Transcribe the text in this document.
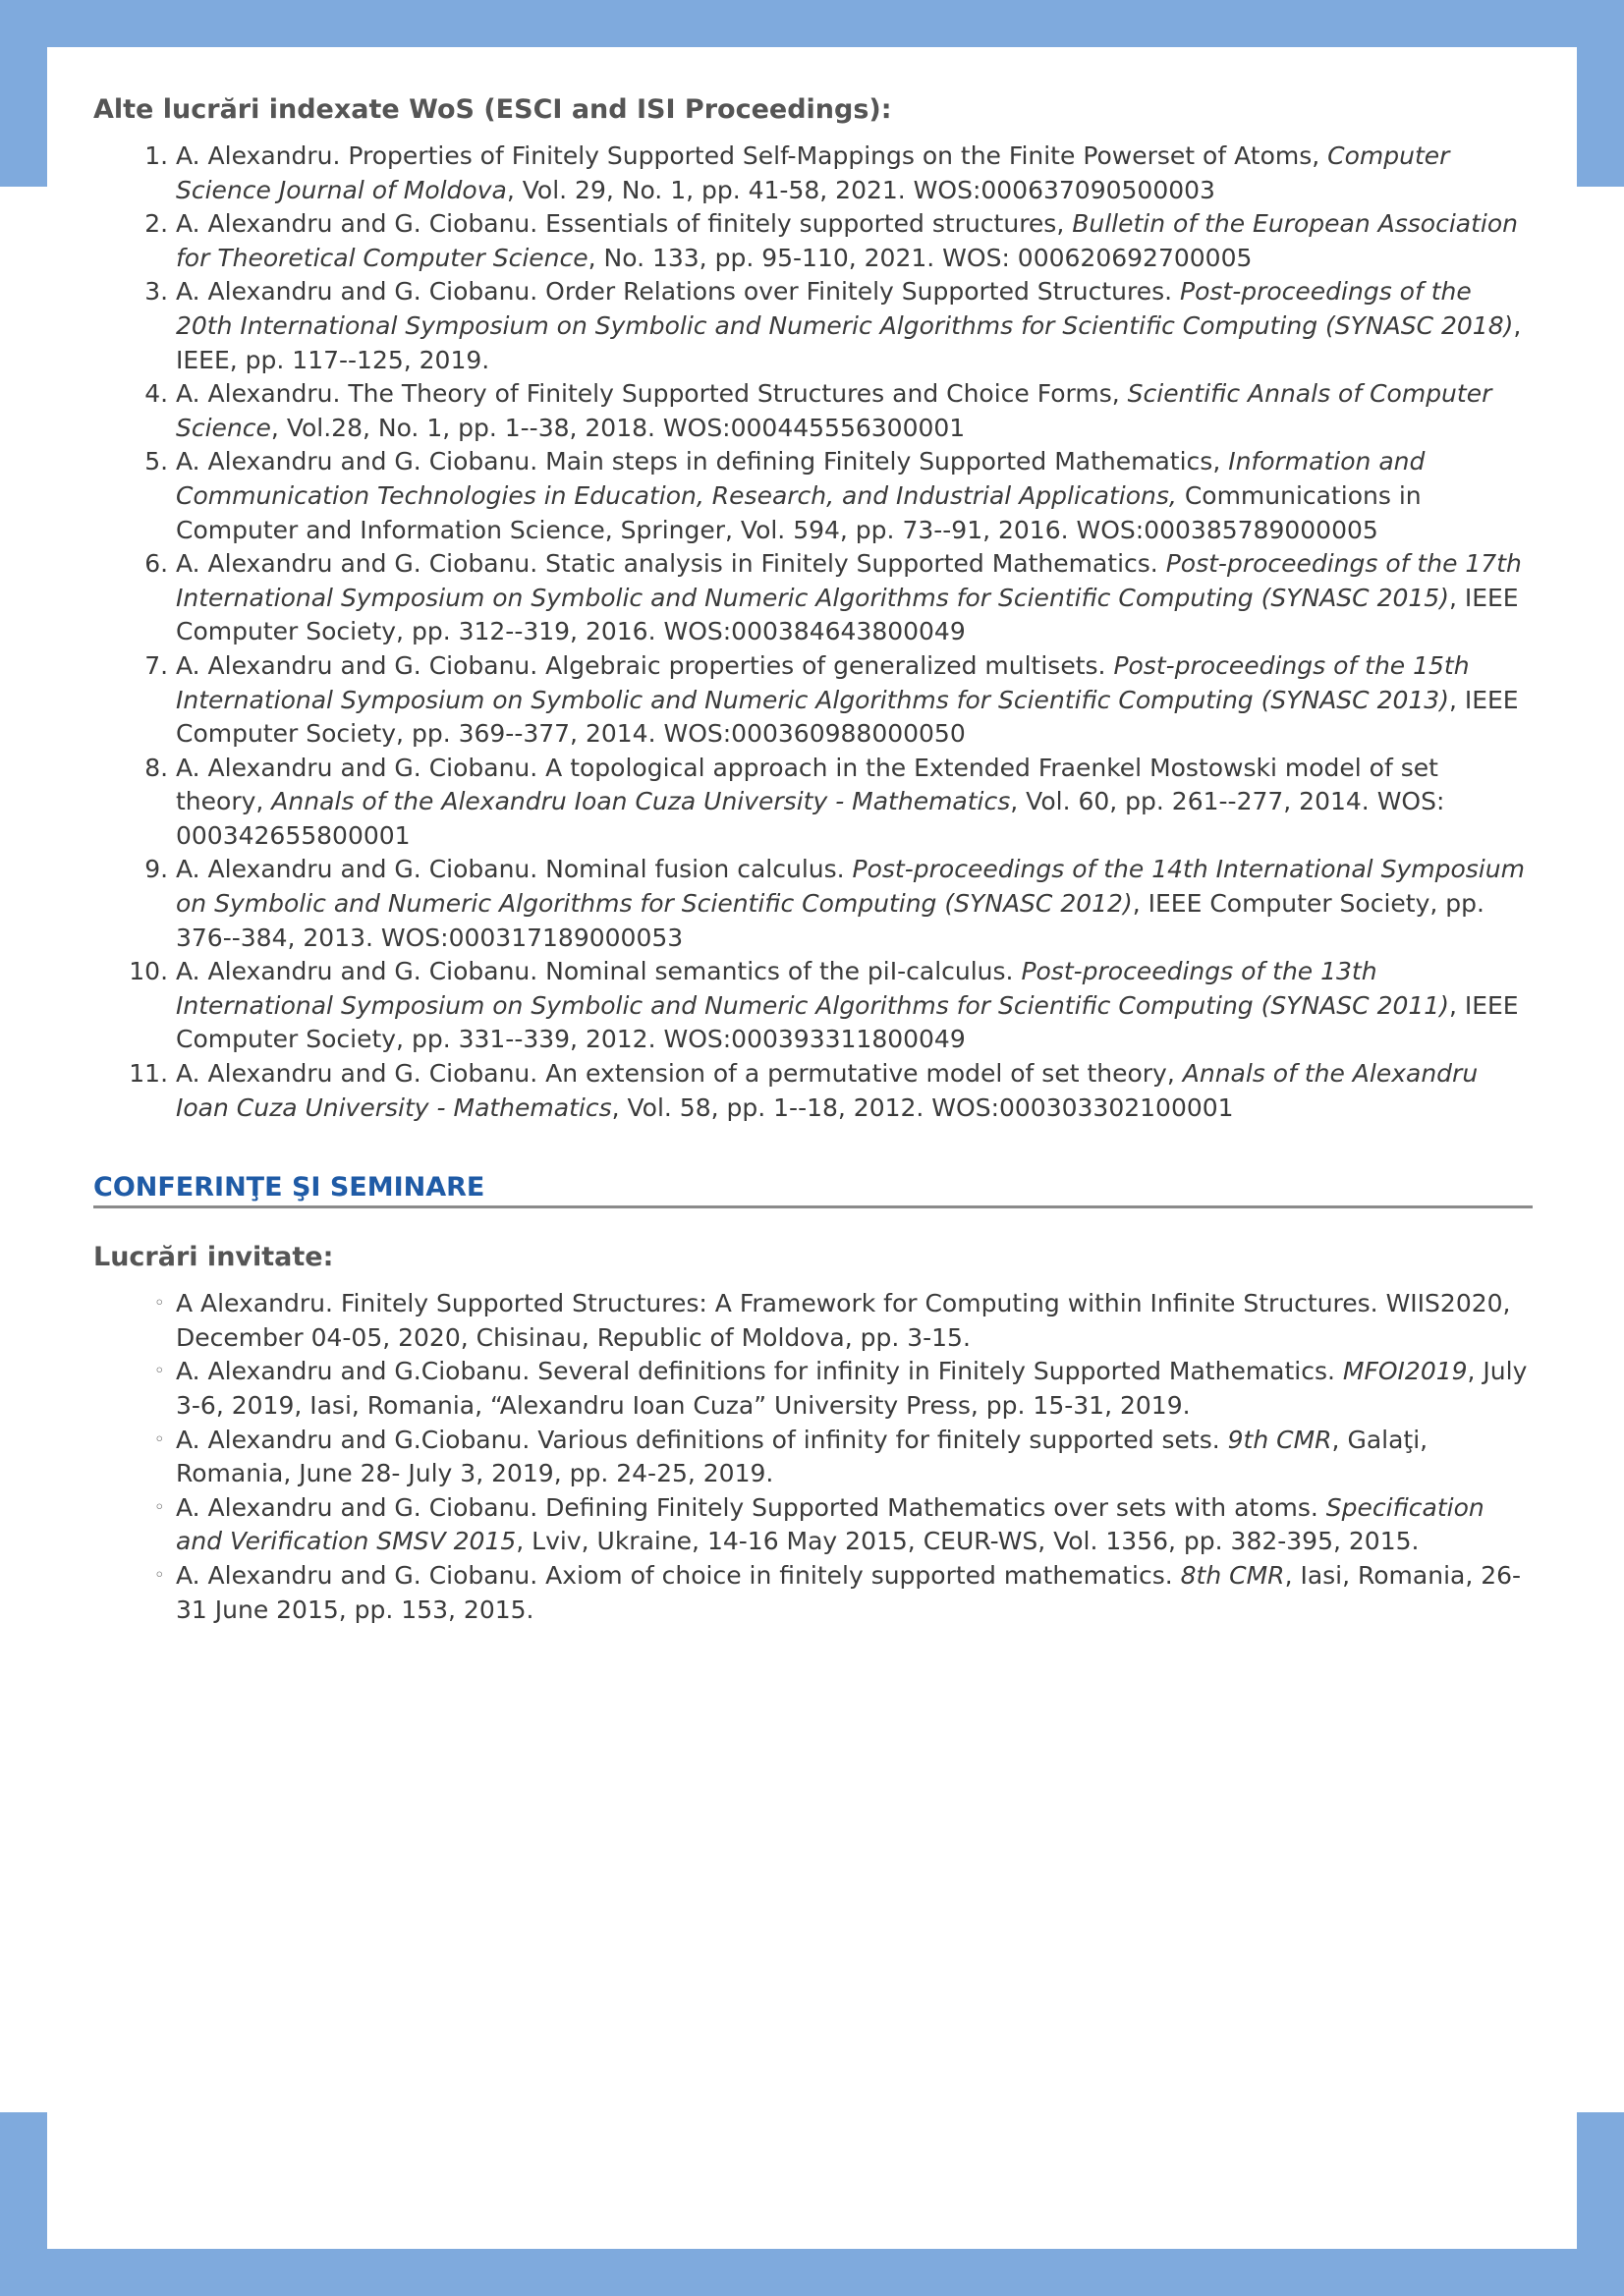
Alte lucrări indexate WoS (ESCI and ISI Proceedings):
1. A. Alexandru. Properties of Finitely Supported Self-Mappings on the Finite Powerset of Atoms, Computer Science Journal of Moldova, Vol. 29, No. 1, pp. 41-58, 2021. WOS:000637090500003
2. A. Alexandru and G. Ciobanu. Essentials of finitely supported structures, Bulletin of the European Association for Theoretical Computer Science, No. 133, pp. 95-110, 2021. WOS: 000620692700005
3. A. Alexandru and G. Ciobanu. Order Relations over Finitely Supported Structures. Post-proceedings of the 20th International Symposium on Symbolic and Numeric Algorithms for Scientific Computing (SYNASC 2018), IEEE, pp. 117--125, 2019.
4. A. Alexandru. The Theory of Finitely Supported Structures and Choice Forms, Scientific Annals of Computer Science, Vol.28, No. 1, pp. 1--38, 2018. WOS:000445556300001
5. A. Alexandru and G. Ciobanu. Main steps in defining Finitely Supported Mathematics, Information and Communication Technologies in Education, Research, and Industrial Applications, Communications in Computer and Information Science, Springer, Vol. 594, pp. 73--91, 2016. WOS:000385789000005
6. A. Alexandru and G. Ciobanu. Static analysis in Finitely Supported Mathematics. Post-proceedings of the 17th International Symposium on Symbolic and Numeric Algorithms for Scientific Computing (SYNASC 2015), IEEE Computer Society, pp. 312--319, 2016. WOS:000384643800049
7. A. Alexandru and G. Ciobanu. Algebraic properties of generalized multisets. Post-proceedings of the 15th International Symposium on Symbolic and Numeric Algorithms for Scientific Computing (SYNASC 2013), IEEE Computer Society, pp. 369--377, 2014. WOS:000360988000050
8. A. Alexandru and G. Ciobanu. A topological approach in the Extended Fraenkel Mostowski model of set theory, Annals of the Alexandru Ioan Cuza University - Mathematics, Vol. 60, pp. 261--277, 2014. WOS: 000342655800001
9. A. Alexandru and G. Ciobanu. Nominal fusion calculus. Post-proceedings of the 14th International Symposium on Symbolic and Numeric Algorithms for Scientific Computing (SYNASC 2012), IEEE Computer Society, pp. 376--384, 2013. WOS:000317189000053
10. A. Alexandru and G. Ciobanu. Nominal semantics of the piI-calculus. Post-proceedings of the 13th International Symposium on Symbolic and Numeric Algorithms for Scientific Computing (SYNASC 2011), IEEE Computer Society, pp. 331--339, 2012. WOS:000393311800049
11. A. Alexandru and G. Ciobanu. An extension of a permutative model of set theory, Annals of the Alexandru Ioan Cuza University - Mathematics, Vol. 58, pp. 1--18, 2012. WOS:000303302100001
CONFERINŢE ŞI SEMINARE
Lucrări invitate:
◦ A Alexandru. Finitely Supported Structures: A Framework for Computing within Infinite Structures. WIIS2020, December 04-05, 2020, Chisinau, Republic of Moldova, pp. 3-15.
◦ A. Alexandru and G.Ciobanu. Several definitions for infinity in Finitely Supported Mathematics. MFOI2019, July 3-6, 2019, Iasi, Romania, “Alexandru Ioan Cuza” University Press, pp. 15-31, 2019.
◦ A. Alexandru and G.Ciobanu. Various definitions of infinity for finitely supported sets. 9th CMR, Galaţi, Romania, June 28- July 3, 2019, pp. 24-25, 2019.
◦ A. Alexandru and G. Ciobanu. Defining Finitely Supported Mathematics over sets with atoms. Specification and Verification SMSV 2015, Lviv, Ukraine, 14-16 May 2015, CEUR-WS, Vol. 1356, pp. 382-395, 2015.
◦ A. Alexandru and G. Ciobanu. Axiom of choice in finitely supported mathematics. 8th CMR, Iasi, Romania, 26-31 June 2015, pp. 153, 2015.
